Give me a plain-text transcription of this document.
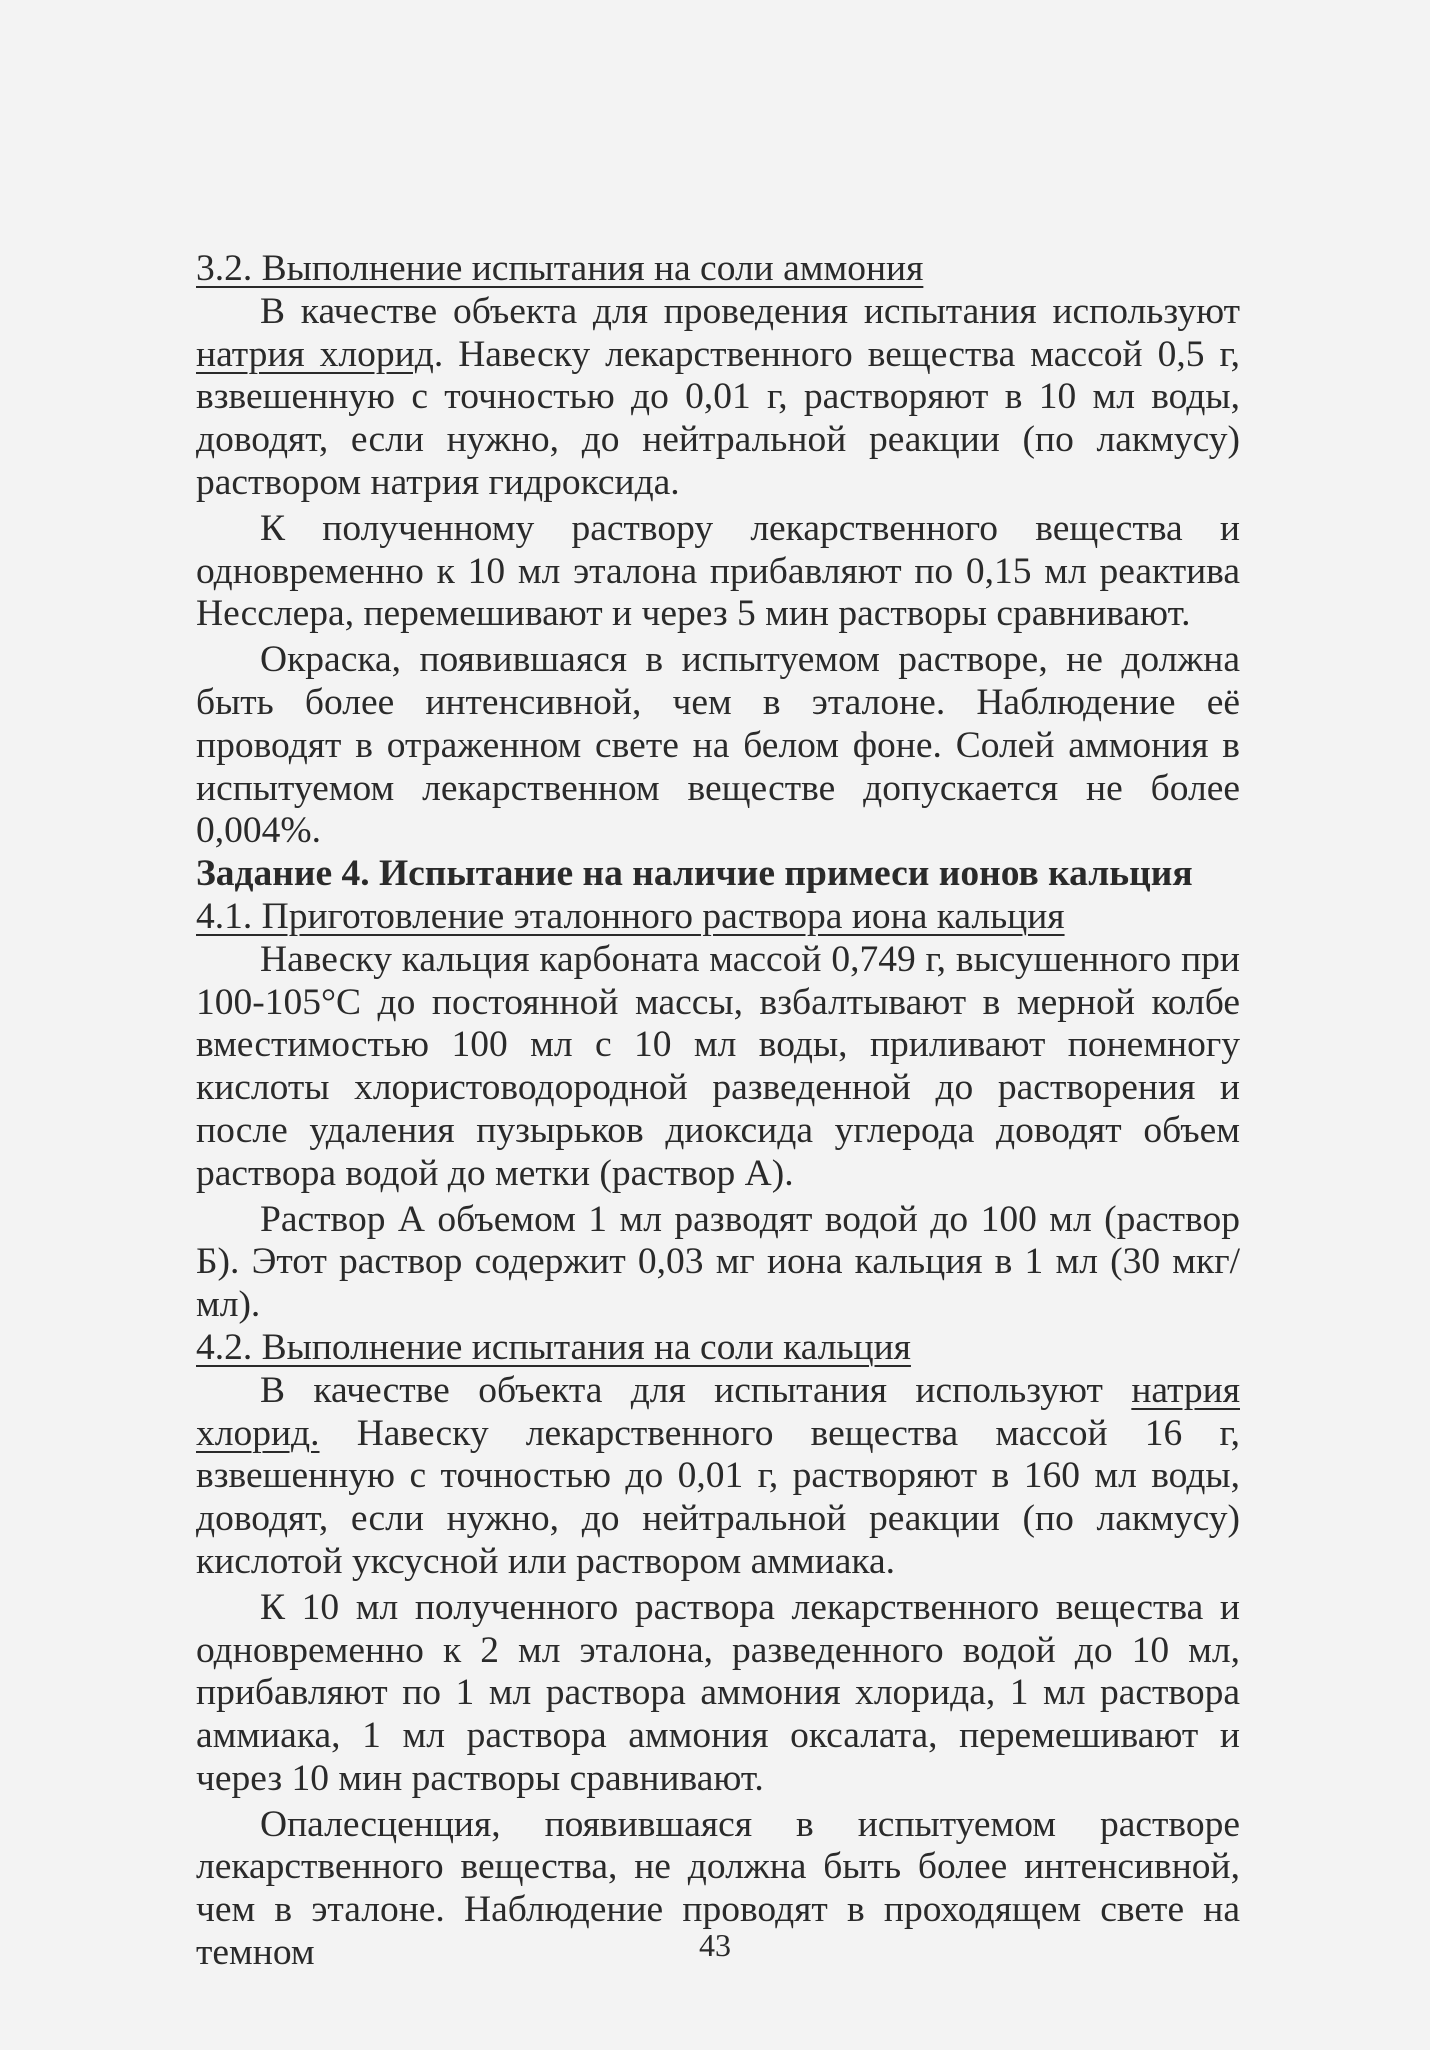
3.2. Выполнение испытания на соли аммония

В качестве объекта для проведения испытания используют натрия хлорид. Навеску лекарственного вещества массой 0,5 г, взвешенную с точностью до 0,01 г, растворяют в 10 мл воды, доводят, если нужно, до нейтральной реакции (по лакмусу) раствором натрия гидроксида.

К полученному раствору лекарственного вещества и одновременно к 10 мл эталона прибавляют по 0,15 мл реактива Несслера, перемешивают и через 5 мин растворы сравнивают.

Окраска, появившаяся в испытуемом растворе, не должна быть более интенсивной, чем в эталоне. Наблюдение её проводят в отраженном свете на белом фоне. Солей аммония в испытуемом лекарственном веществе допускается не более 0,004%.

Задание 4. Испытание на наличие примеси ионов кальция

4.1. Приготовление эталонного раствора иона кальция

Навеску кальция карбоната массой 0,749 г, высушенного при 100-105°С до постоянной массы, взбалтывают в мерной колбе вместимостью 100 мл с 10 мл воды, приливают понемногу кислоты хлористоводородной разведенной до растворения и после удаления пузырьков диоксида углерода доводят объем раствора водой до метки (раствор А).

Раствор А объемом 1 мл разводят водой до 100 мл (раствор Б). Этот раствор содержит 0,03 мг иона кальция в 1 мл (30 мкг/мл).

4.2. Выполнение испытания на соли кальция

В качестве объекта для испытания используют натрия хлорид. Навеску лекарственного вещества массой 16 г, взвешенную с точностью до 0,01 г, растворяют в 160 мл воды, доводят, если нужно, до нейтральной реакции (по лакмусу) кислотой уксусной или раствором аммиака.

К 10 мл полученного раствора лекарственного вещества и одновременно к 2 мл эталона, разведенного водой до 10 мл, прибавляют по 1 мл раствора аммония хлорида, 1 мл раствора аммиака, 1 мл раствора аммония оксалата, перемешивают и через 10 мин растворы сравнивают.

Опалесценция, появившаяся в испытуемом растворе лекарственного вещества, не должна быть более интенсивной, чем в эталоне. Наблюдение проводят в проходящем свете на темном	43
